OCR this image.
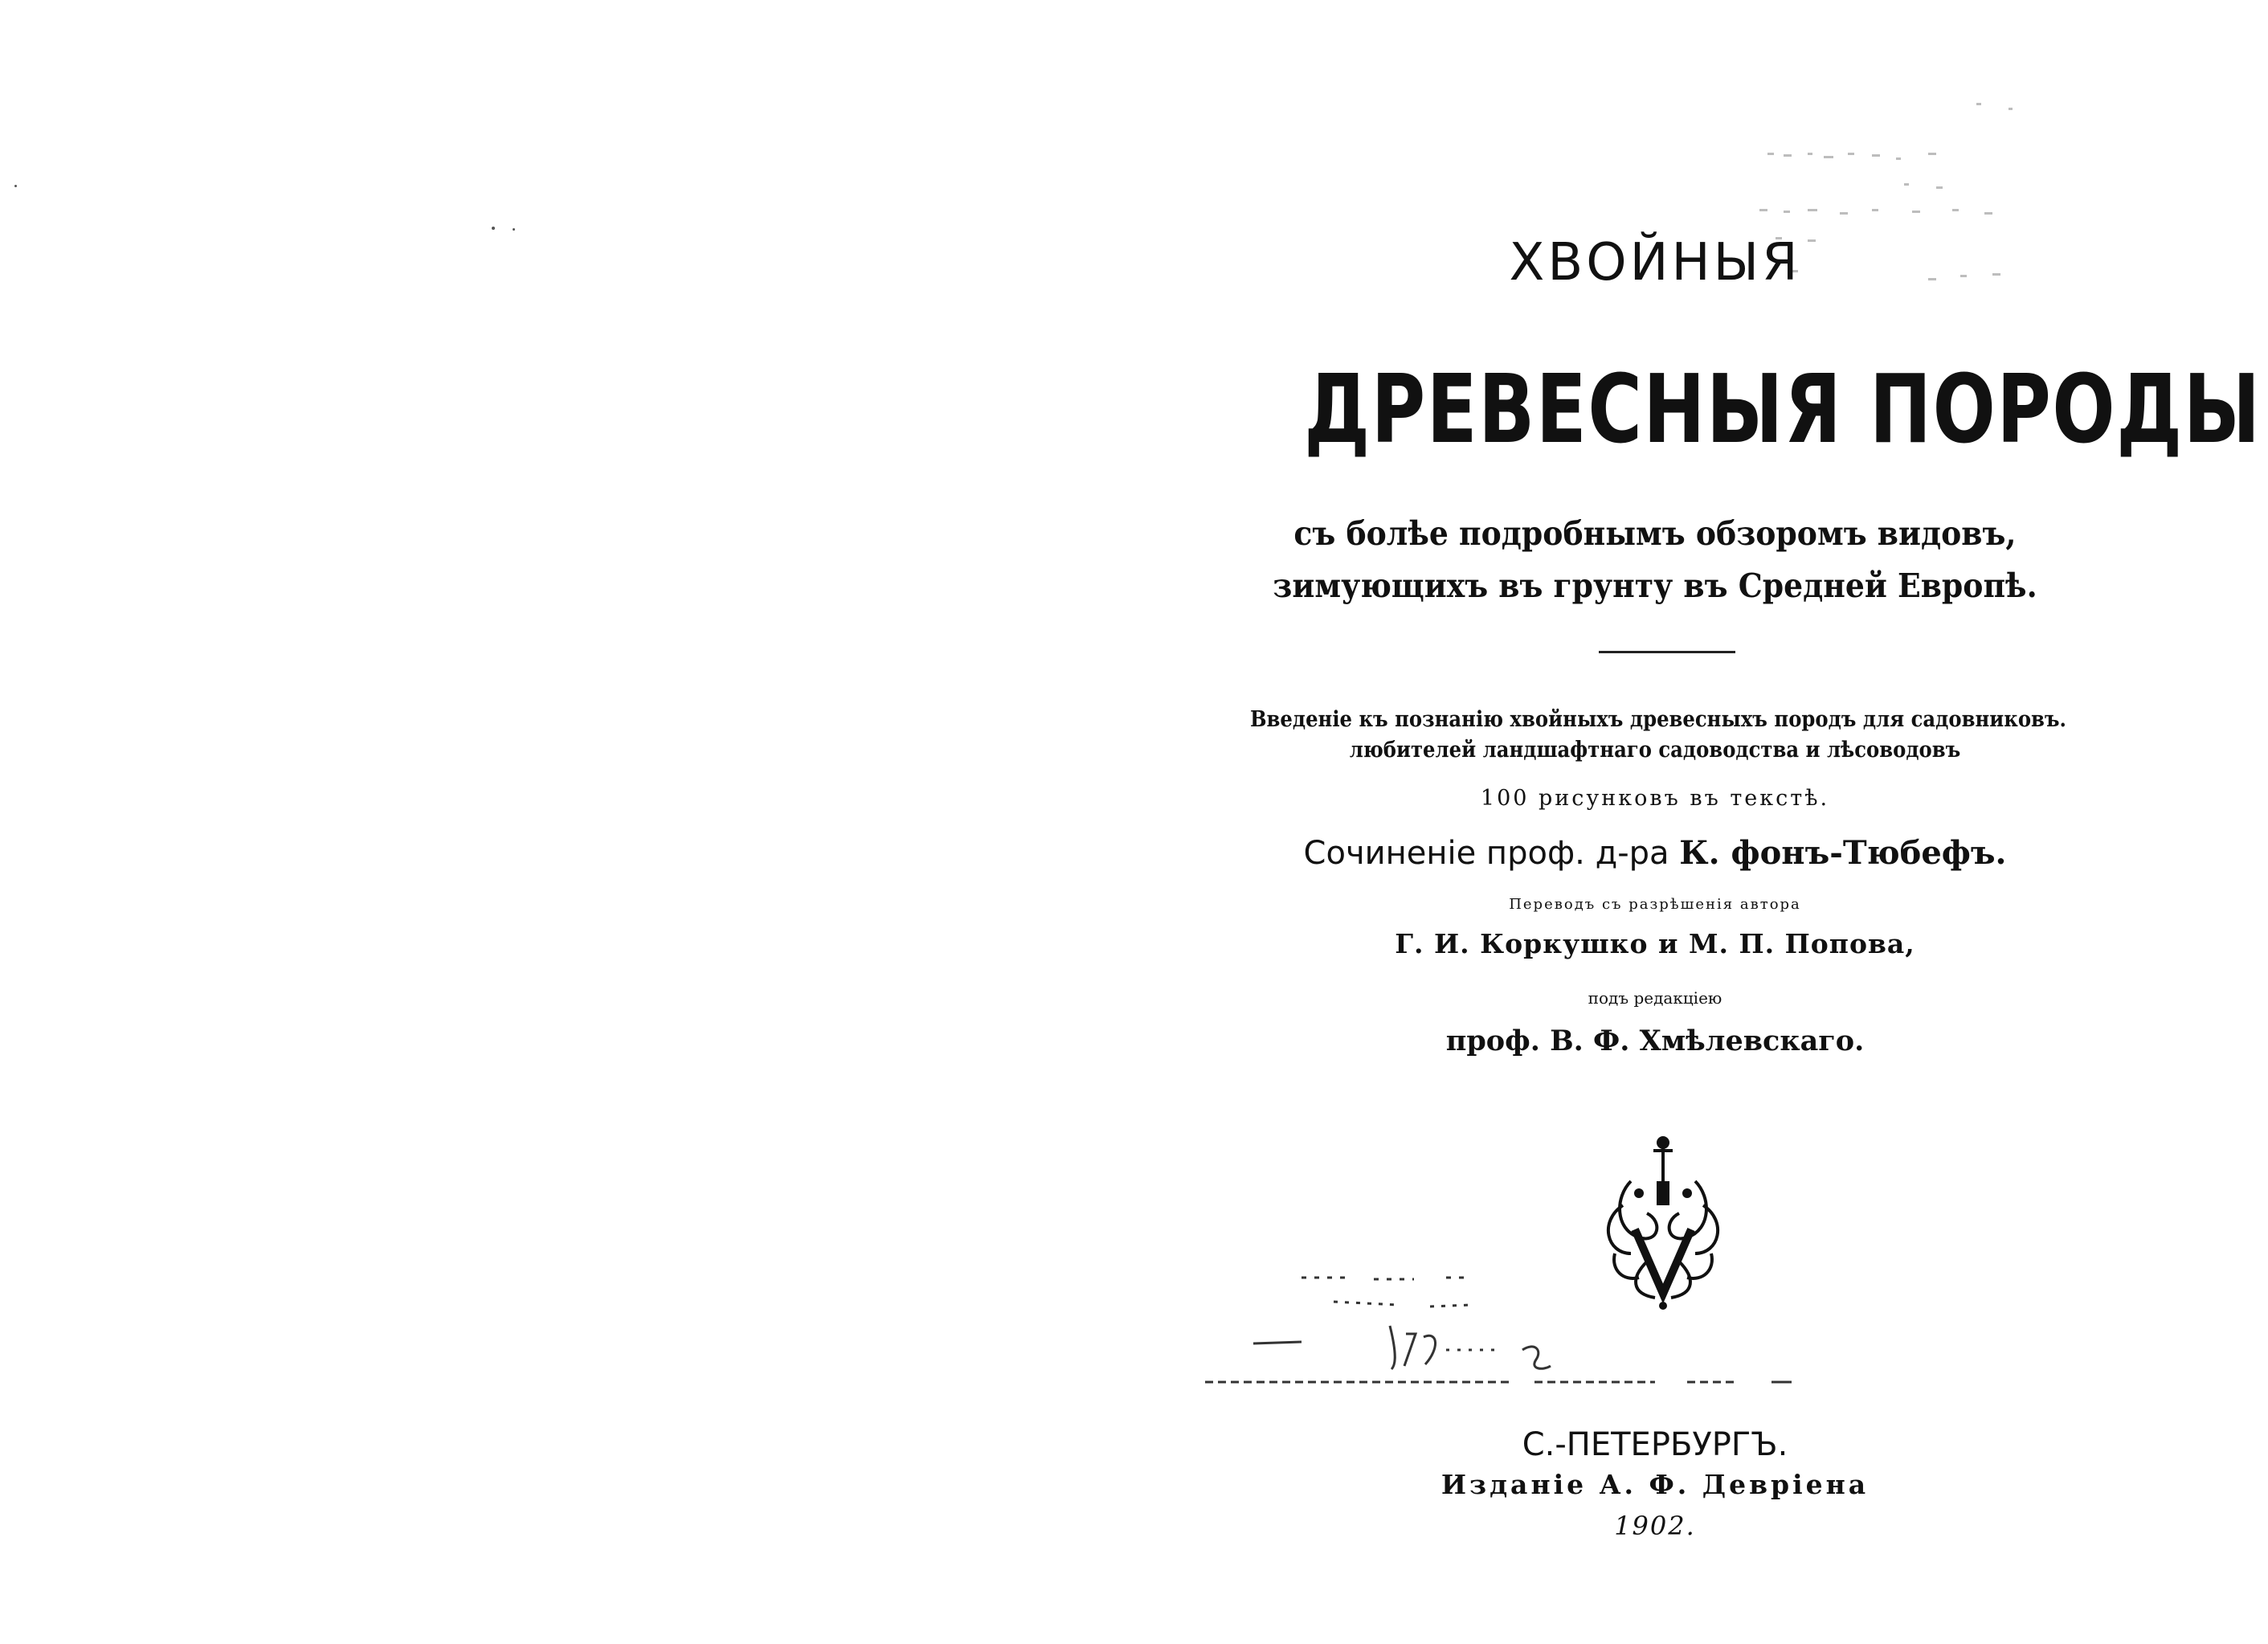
ХВОЙНЫЯ
ДРЕВЕСНЫЯ ПОРОДЫ
съ болѣе подробнымъ обзоромъ видовъ,
зимующихъ въ грунту въ Средней Европѣ.
Введеніе къ познанію хвойныхъ древесныхъ породъ для садовниковъ.
любителей ландшафтнаго садоводства и лѣсоводовъ
100 рисунковъ въ текстѣ.
Сочиненіе проф. д-ра К. фонъ-Тюбефъ.
Переводъ съ разрѣшенія автора
Г. И. Коркушко и М. П. Попова,
подъ редакціею
проф. В. Ф. Хмѣлевскаго.
С.-ПЕТЕРБУРГЪ.
Изданіе А. Ф. Девріена
1902.
